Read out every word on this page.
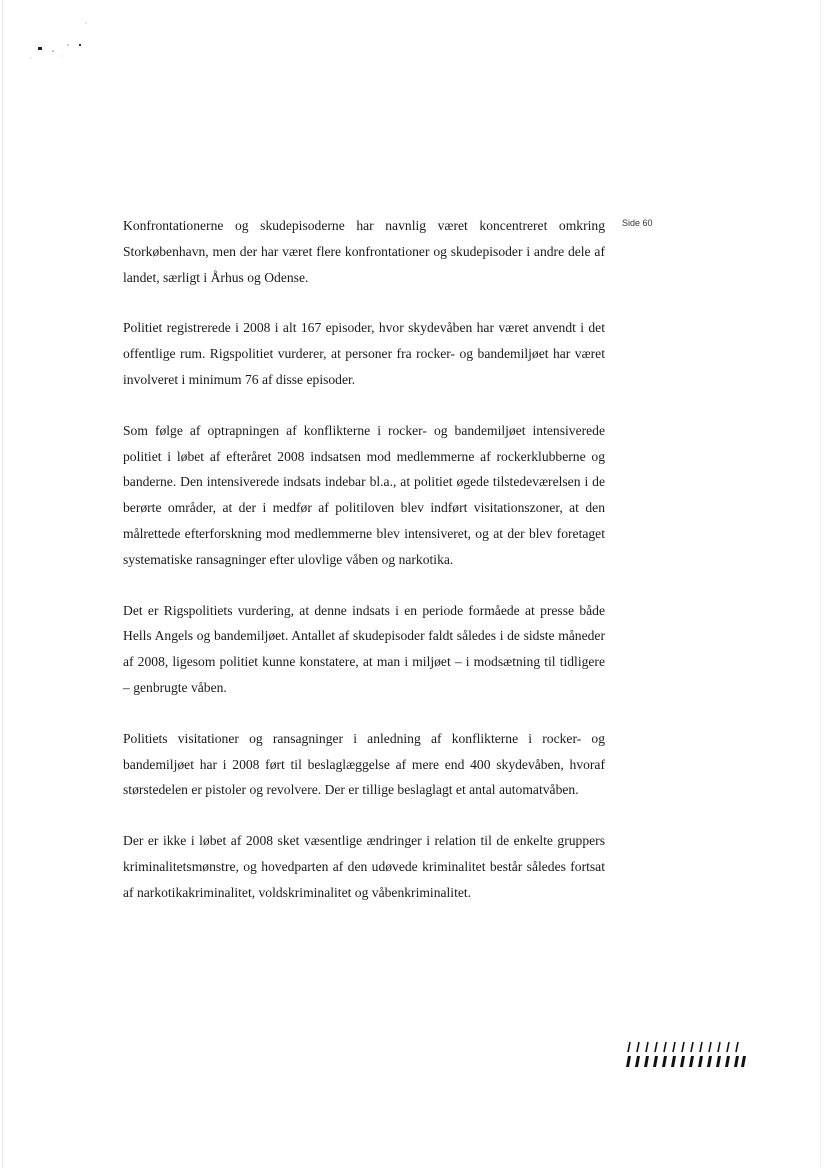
Side 60

Konfrontationerne og skudepisoderne har navnlig været koncentreret omkring Storkøbenhavn, men der har været flere konfrontationer og skudepisoder i andre dele af landet, særligt i Århus og Odense.

Politiet registrerede i 2008 i alt 167 episoder, hvor skydevåben har været anvendt i det offentlige rum. Rigspolitiet vurderer, at personer fra rocker- og bandemiljøet har været involveret i minimum 76 af disse episoder.

Som følge af optrapningen af konflikterne i rocker- og bandemiljøet intensiverede politiet i løbet af efteråret 2008 indsatsen mod medlemmerne af rockerklubberne og banderne. Den intensiverede indsats indebar bl.a., at politiet øgede tilstedeværelsen i de berørte områder, at der i medfør af politiloven blev indført visitationszoner, at den målrettede efterforskning mod medlemmerne blev intensiveret, og at der blev foretaget systematiske ransagninger efter ulovlige våben og narkotika.

Det er Rigspolitiets vurdering, at denne indsats i en periode formåede at presse både Hells Angels og bandemiljøet. Antallet af skudepisoder faldt således i de sidste måneder af 2008, ligesom politiet kunne konstatere, at man i miljøet – i modsætning til tidligere – genbrugte våben.

Politiets visitationer og ransagninger i anledning af konflikterne i rocker- og bandemiljøet har i 2008 ført til beslaglæggelse af mere end 400 skydevåben, hvoraf størstedelen er pistoler og revolvere. Der er tillige beslaglagt et antal automatvåben.

Der er ikke i løbet af 2008 sket væsentlige ændringer i relation til de enkelte gruppers kriminalitetsmønstre, og hovedparten af den udøvede kriminalitet består således fortsat af narkotikakriminalitet, voldskriminalitet og våbenkriminalitet.
